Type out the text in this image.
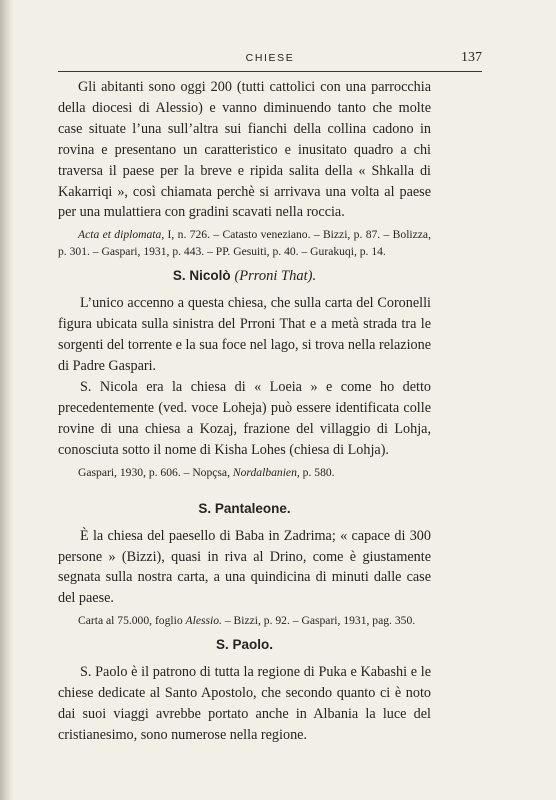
CHIESE	137

Gli abitanti sono oggi 200 (tutti cattolici con una parrocchia della diocesi di Alessio) e vanno diminuendo tanto che molte case situate l’una sull’altra sui fianchi della collina cadono in rovina e presentano un caratteristico e inusitato quadro a chi traversa il paese per la breve e ripida salita della « Shkalla di Kakarriqi », così chiamata perchè si arrivava una volta al paese per una mulattiera con gradini scavati nella roccia.

Acta et diplomata, I, n. 726. – Catasto veneziano. – Bizzi, p. 87. – Bolizza, p. 301. – Gaspari, 1931, p. 443. – PP. Gesuiti, p. 40. – Gurakuqi, p. 14.

S. Nicolò (Prroni That).

L’unico accenno a questa chiesa, che sulla carta del Coronelli figura ubicata sulla sinistra del Prroni That e a metà strada tra le sorgenti del torrente e la sua foce nel lago, si trova nella relazione di Padre Gaspari.

S. Nicola era la chiesa di « Loeia » e come ho detto precedentemente (ved. voce Loheja) può essere identificata colle rovine di una chiesa a Kozaj, frazione del villaggio di Lohja, conosciuta sotto il nome di Kisha Lohes (chiesa di Lohja).

Gaspari, 1930, p. 606. – Nopçsa, Nordalbanien, p. 580.

S. Pantaleone.

È la chiesa del paesello di Baba in Zadrima; « capace di 300 persone » (Bizzi), quasi in riva al Drino, come è giustamente segnata sulla nostra carta, a una quindicina di minuti dalle case del paese.

Carta al 75.000, foglio Alessio. – Bizzi, p. 92. – Gaspari, 1931, pag. 350.

S. Paolo.

S. Paolo è il patrono di tutta la regione di Puka e Kabashi e le chiese dedicate al Santo Apostolo, che secondo quanto ci è noto dai suoi viaggi avrebbe portato anche in Albania la luce del cristianesimo, sono numerose nella regione.
